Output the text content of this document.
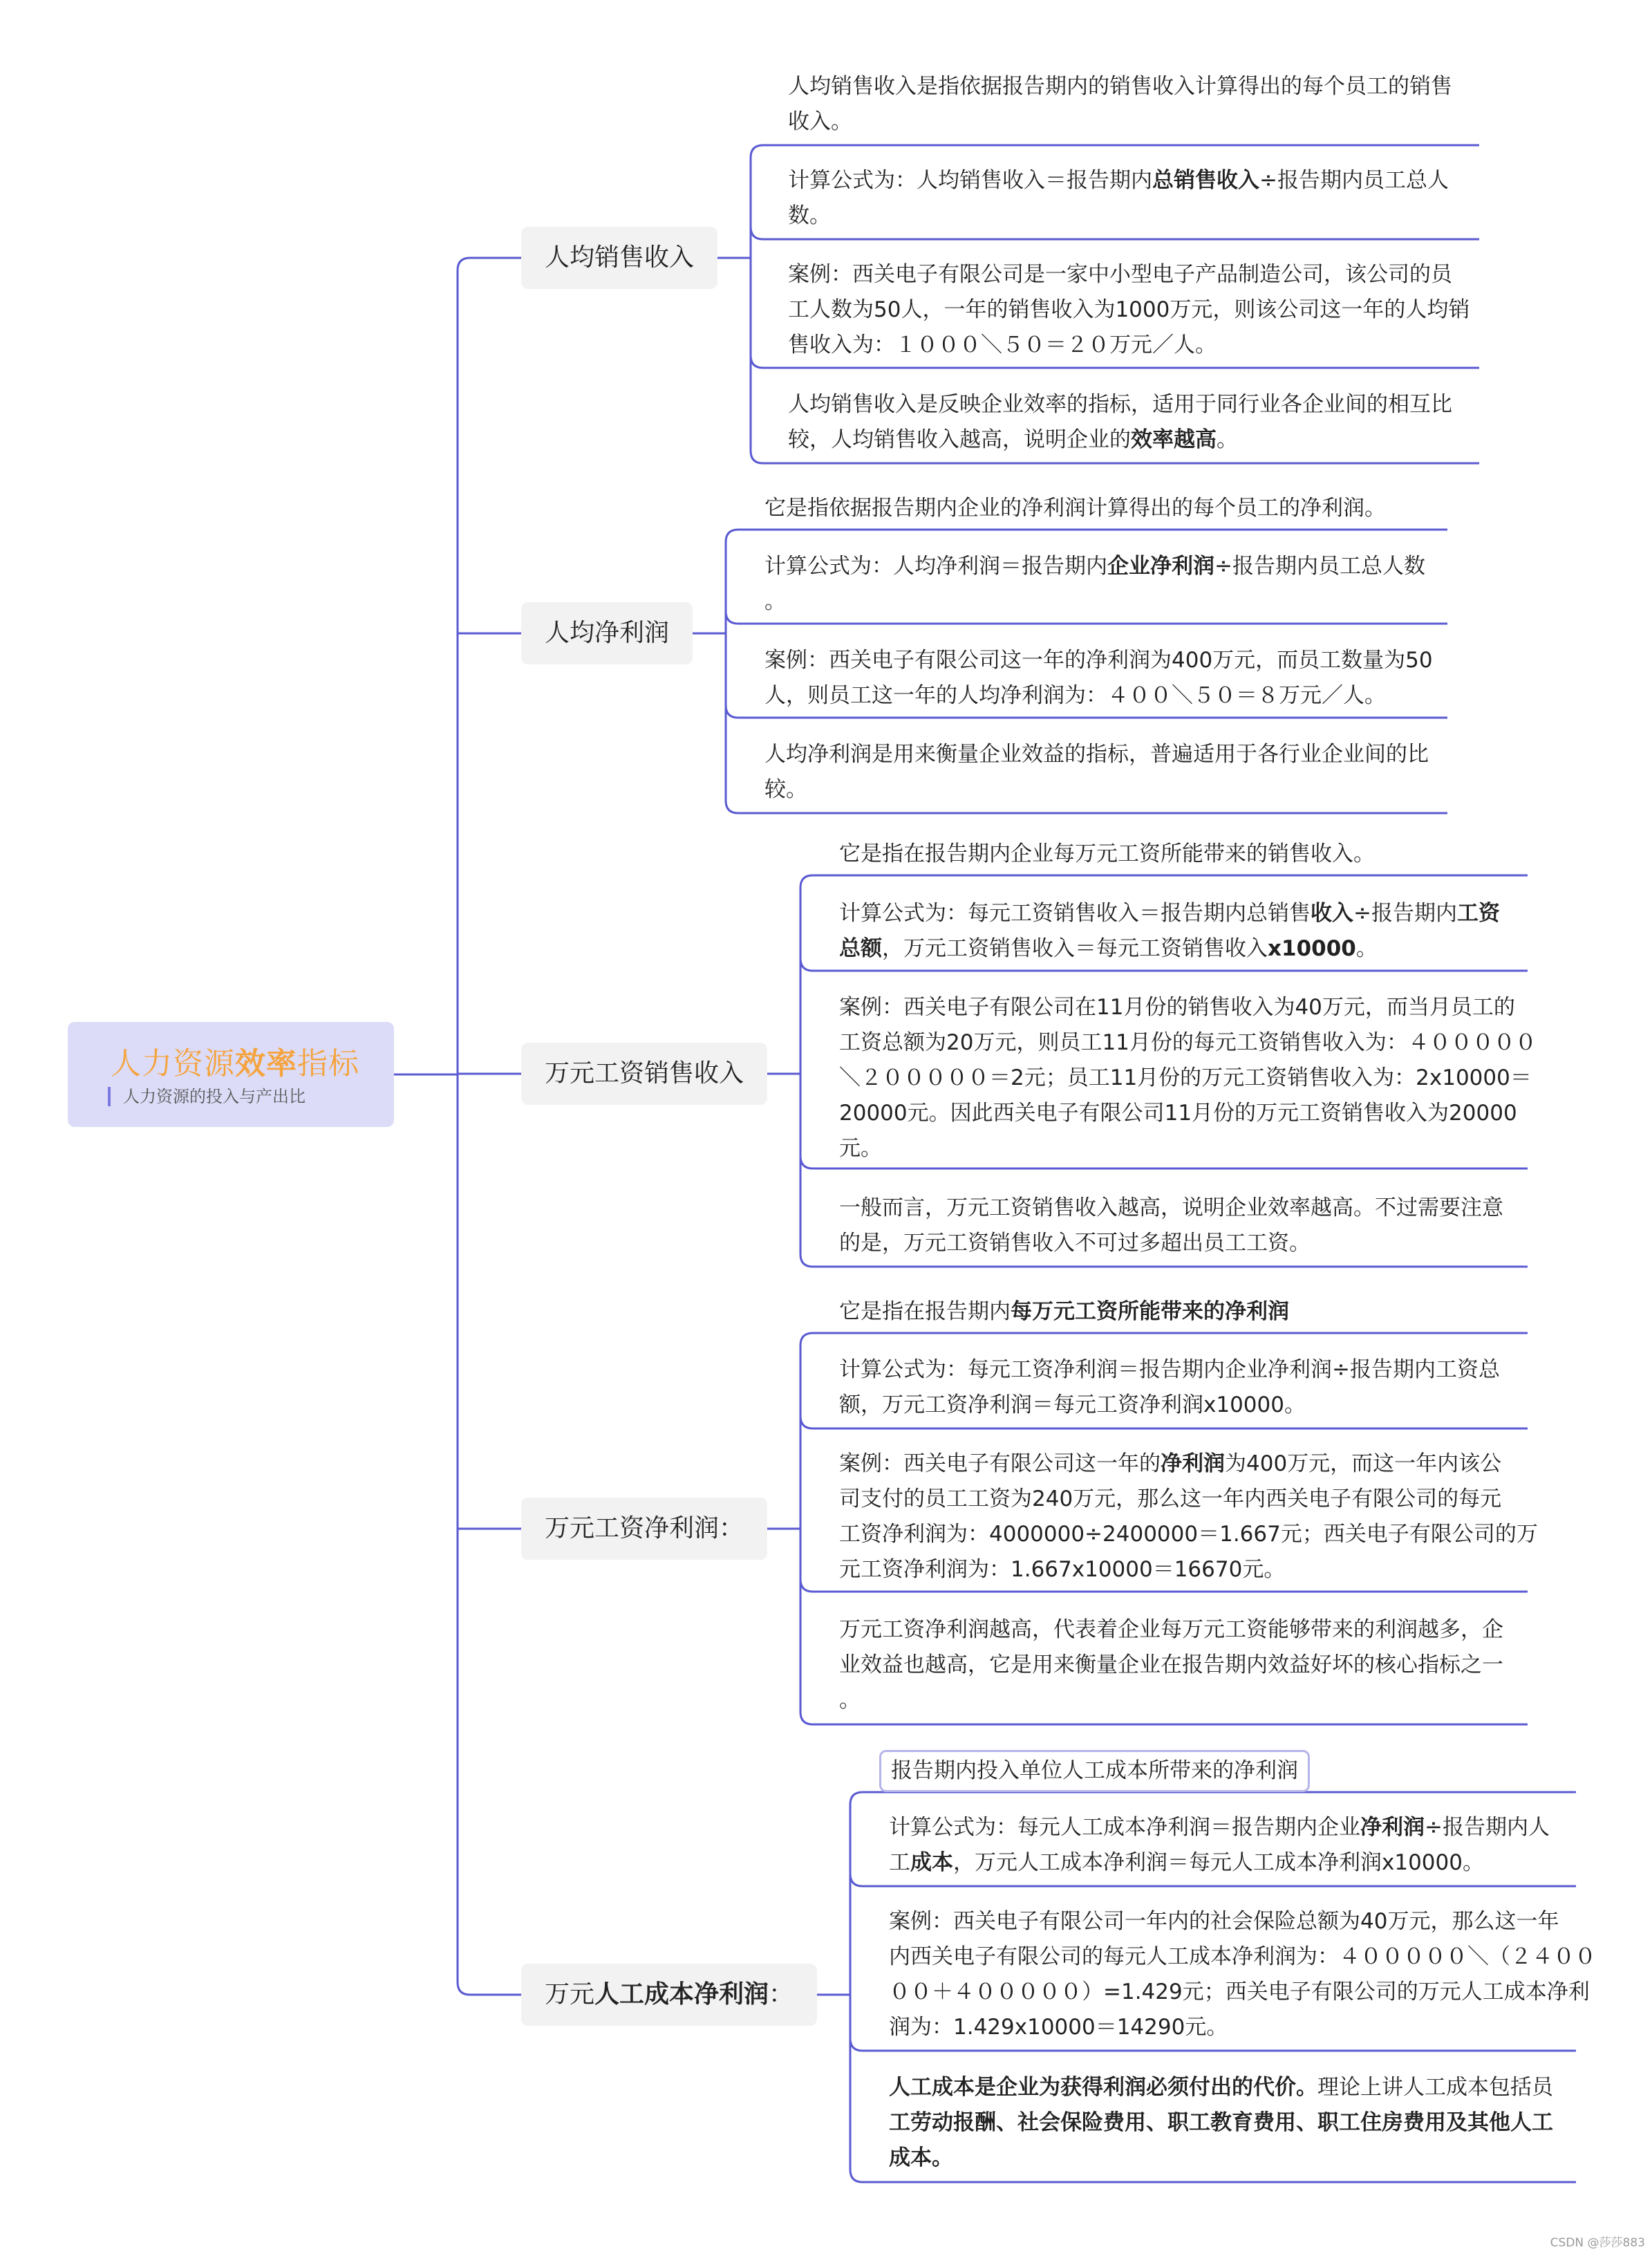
人力资源效率指标
人力资源的投入与产出比
人均销售收入
人均销售收入是指依据报告期内的销售收入计算得出的每个员工的销售
收入。
计算公式为：人均销售收入＝报告期内总销售收入÷报告期内员工总人
数。
案例：西关电子有限公司是一家中小型电子产品制造公司，该公司的员
工人数为50人，一年的销售收入为1000万元，则该公司这一年的人均销
售收入为：１０００＼５０＝２０万元／人。
人均销售收入是反映企业效率的指标，适用于同行业各企业间的相互比
较，人均销售收入越高，说明企业的效率越高。
人均净利润
它是指依据报告期内企业的净利润计算得出的每个员工的净利润。
计算公式为：人均净利润＝报告期内企业净利润÷报告期内员工总人数
。
案例：西关电子有限公司这一年的净利润为400万元，而员工数量为50
人，则员工这一年的人均净利润为：４００＼５０＝８万元／人。
人均净利润是用来衡量企业效益的指标，普遍适用于各行业企业间的比
较。
万元工资销售收入
它是指在报告期内企业每万元工资所能带来的销售收入。
计算公式为：每元工资销售收入＝报告期内总销售收入÷报告期内工资
总额，万元工资销售收入＝每元工资销售收入x10000。
案例：西关电子有限公司在11月份的销售收入为40万元，而当月员工的
工资总额为20万元，则员工11月份的每元工资销售收入为：４０００００
＼２０００００＝2元；员工11月份的万元工资销售收入为：2x10000＝
20000元。因此西关电子有限公司11月份的万元工资销售收入为20000
元。
一般而言，万元工资销售收入越高，说明企业效率越高。不过需要注意
的是，万元工资销售收入不可过多超出员工工资。
万元工资净利润：
它是指在报告期内每万元工资所能带来的净利润
计算公式为：每元工资净利润＝报告期内企业净利润÷报告期内工资总
额，万元工资净利润＝每元工资净利润x10000。
案例：西关电子有限公司这一年的净利润为400万元，而这一年内该公
司支付的员工工资为240万元，那么这一年内西关电子有限公司的每元
工资净利润为：4000000÷2400000＝1.667元；西关电子有限公司的万
元工资净利润为：1.667x10000＝16670元。
万元工资净利润越高，代表着企业每万元工资能够带来的利润越多，企
业效益也越高，它是用来衡量企业在报告期内效益好坏的核心指标之一
。
万元人工成本净利润：
报告期内投入单位人工成本所带来的净利润
计算公式为：每元人工成本净利润＝报告期内企业净利润÷报告期内人
工成本，万元人工成本净利润＝每元人工成本净利润x10000。
案例：西关电子有限公司一年内的社会保险总额为40万元，那么这一年
内西关电子有限公司的每元人工成本净利润为：４０００００＼（２４００
００＋４０００００）=1.429元；西关电子有限公司的万元人工成本净利
润为：1.429x10000＝14290元。
人工成本是企业为获得利润必须付出的代价。理论上讲人工成本包括员
工劳动报酬、社会保险费用、职工教育费用、职工住房费用及其他人工
成本。
CSDN @莎莎883
